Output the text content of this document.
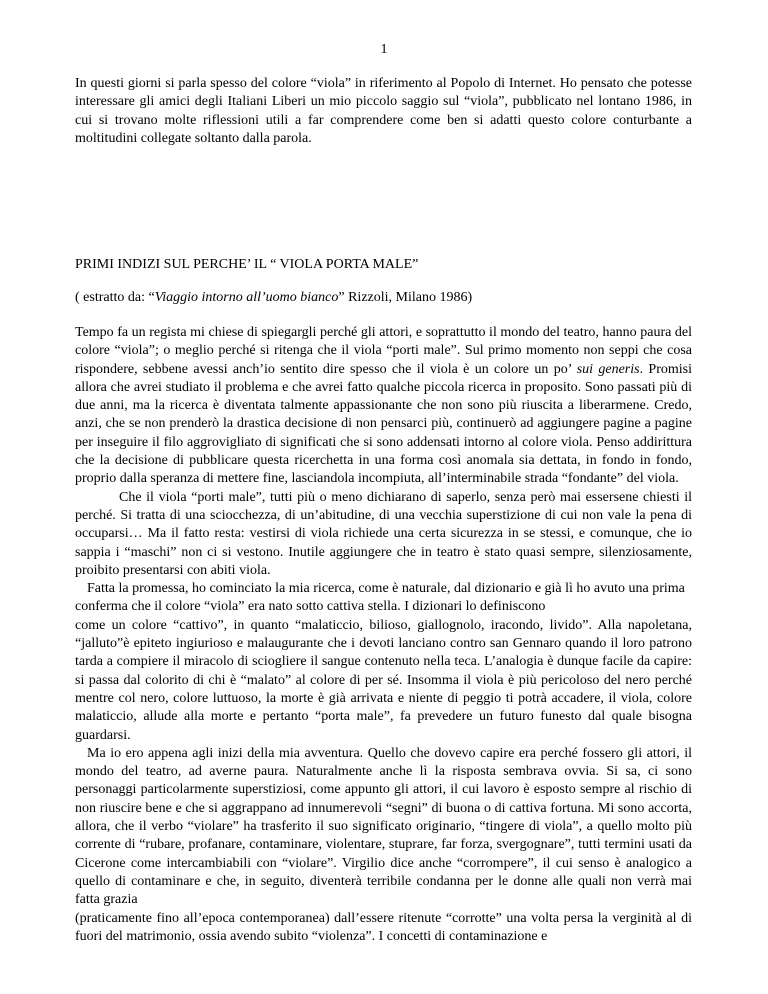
1
In questi giorni si parla spesso del colore “viola” in riferimento al Popolo di Internet. Ho pensato che potesse interessare gli amici degli Italiani Liberi un mio piccolo saggio sul “viola”, pubblicato nel lontano 1986, in cui si trovano molte riflessioni utili a far comprendere come ben si adatti questo colore conturbante a moltitudini collegate soltanto dalla parola.
PRIMI INDIZI SUL PERCHE’ IL “ VIOLA PORTA MALE”
( estratto da: “Viaggio intorno all’uomo bianco” Rizzoli, Milano 1986)

Tempo fa un regista mi chiese di spiegargli perché gli attori, e soprattutto il mondo del teatro, hanno paura del colore “viola”; o meglio perché si ritenga che il viola “porti male”. Sul primo momento non seppi che cosa rispondere, sebbene avessi anch’io sentito dire spesso che il viola è un colore un po’ sui generis. Promisi allora che avrei studiato il problema e che avrei fatto qualche piccola ricerca in proposito. Sono passati più di due anni, ma la ricerca è diventata talmente appassionante che non sono più riuscita a liberarmene. Credo, anzi, che se non prenderò la drastica decisione di non pensarci più, continuerò ad aggiungere pagine a pagine per inseguire il filo aggrovigliato di significati che si sono addensati intorno al colore viola. Penso addirittura che la decisione di pubblicare questa ricerchetta in una forma così anomala sia dettata, in fondo in fondo, proprio dalla speranza di mettere fine, lasciandola incompiuta, all’interminabile strada “fondante” del viola.

Che il viola “porti male”, tutti più o meno dichiarano di saperlo, senza però mai essersene chiesti il perché. Si tratta di una sciocchezza, di un’abitudine, di una vecchia superstizione di cui non vale la pena di occuparsi… Ma il fatto resta: vestirsi di viola richiede una certa sicurezza in se stessi, e comunque, che io sappia i “maschi” non ci si vestono. Inutile aggiungere che in teatro è stato quasi sempre, silenziosamente, proibito presentarsi con abiti viola.

Fatta la promessa, ho cominciato la mia ricerca, come è naturale, dal dizionario e già lì ho avuto una prima conferma che il colore “viola” era nato sotto cattiva stella. I dizionari lo definiscono

come un colore “cattivo”, in quanto “malaticcio, bilioso, giallognolo, iracondo, livido”. Alla napoletana, “jalluto”è epiteto ingiurioso e malaugurante che i devoti lanciano contro san Gennaro quando il loro patrono tarda a compiere il miracolo di sciogliere il sangue contenuto nella teca. L’analogia è dunque facile da capire: si passa dal colorito di chi è “malato” al colore di per sé. Insomma il viola è più pericoloso del nero perché mentre col nero, colore luttuoso, la morte è già arrivata e niente di peggio ti potrà accadere, il viola, colore malaticcio, allude alla morte e pertanto “porta male”, fa prevedere un futuro funesto dal quale bisogna guardarsi.

Ma io ero appena agli inizi della mia avventura. Quello che dovevo capire era perché fossero gli attori, il mondo del teatro, ad averne paura. Naturalmente anche lì la risposta sembrava ovvia. Si sa, ci sono personaggi particolarmente superstiziosi, come appunto gli attori, il cui lavoro è esposto sempre al rischio di non riuscire bene e che si aggrappano ad innumerevoli “segni” di buona o di cattiva fortuna. Mi sono accorta, allora, che il verbo “violare” ha trasferito il suo significato originario, “tingere di viola”, a quello molto più corrente di “rubare, profanare, contaminare, violentare, stuprare, far forza, svergognare”, tutti termini usati da Cicerone come intercambiabili con “violare”. Virgilio dice anche “corrompere”, il cui senso è analogico a quello di contaminare e che, in seguito, diventerà terribile condanna per le donne alle quali non verrà mai fatta grazia

(praticamente fino all’epoca contemporanea) dall’essere ritenute “corrotte” una volta persa la verginità al di fuori del matrimonio, ossia avendo subito “violenza”. I concetti di contaminazione e
